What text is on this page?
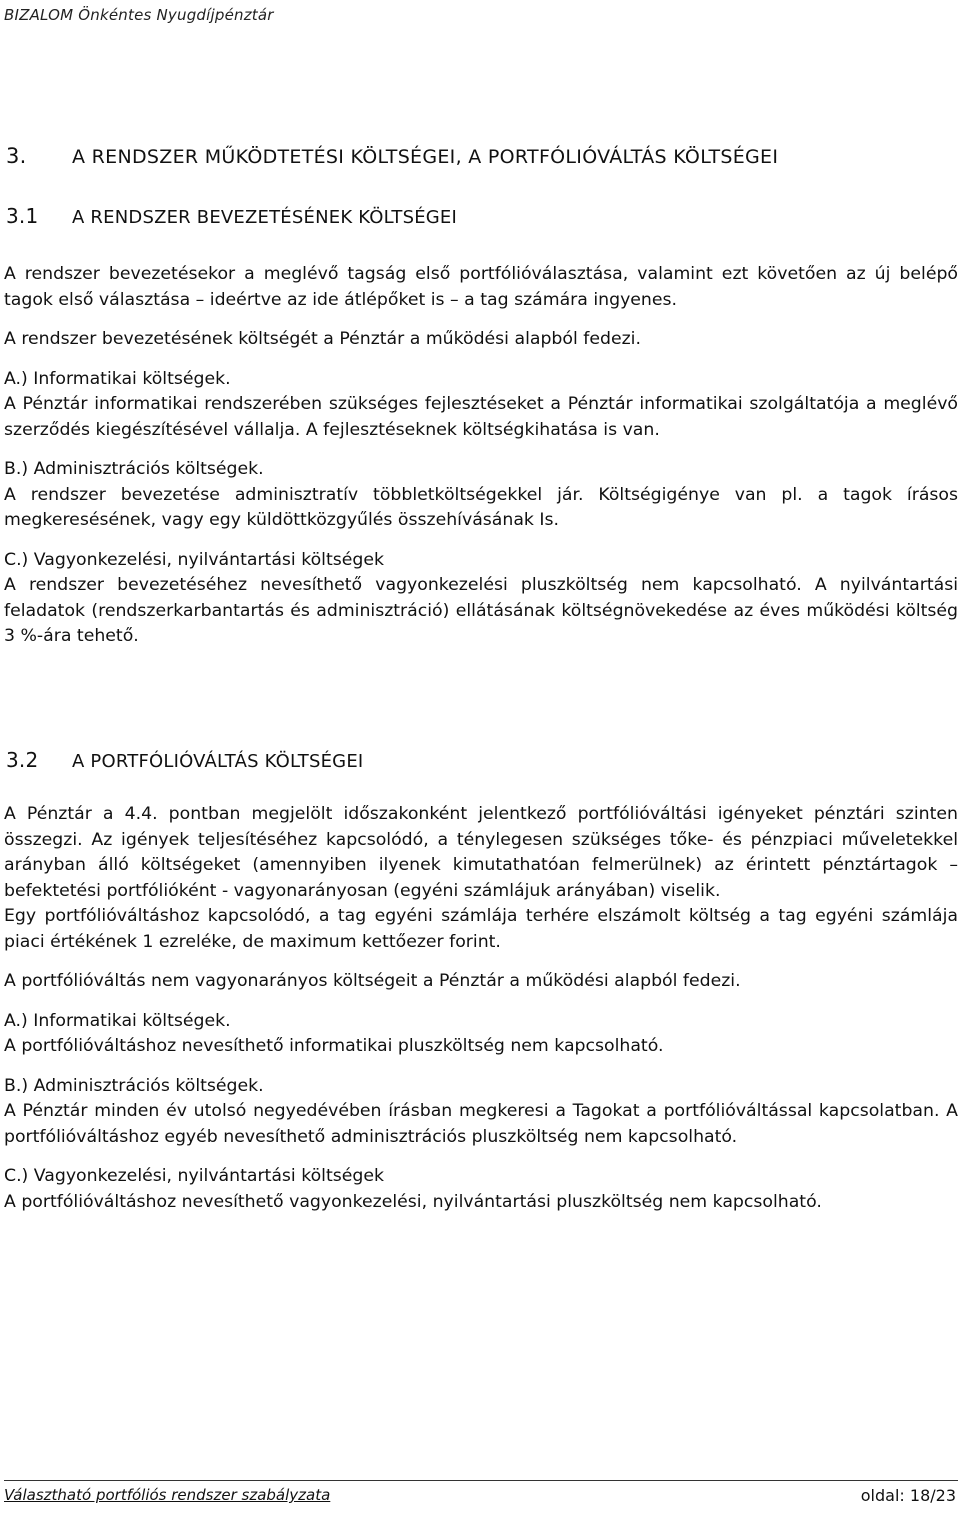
BIZALOM Önkéntes Nyugdíjpénztár
3. A RENDSZER MŰKÖDTETÉSI KÖLTSÉGEI, A PORTFÓLIÓVÁLTÁS KÖLTSÉGEI
3.1 A RENDSZER BEVEZETÉSÉNEK KÖLTSÉGEI

A rendszer bevezetésekor a meglévő tagság első portfólióválasztása, valamint ezt követően az új belépő tagok első választása – ideértve az ide átlépőket is – a tag számára ingyenes.

A rendszer bevezetésének költségét a Pénztár a működési alapból fedezi.

A.) Informatikai költségek.

A Pénztár informatikai rendszerében szükséges fejlesztéseket a Pénztár informatikai szolgáltatója a meglévő szerződés kiegészítésével vállalja. A fejlesztéseknek költségkihatása is van.

B.) Adminisztrációs költségek.

A rendszer bevezetése adminisztratív többletköltségekkel jár. Költségigénye van pl. a tagok írásos megkeresésének, vagy egy küldöttközgyűlés összehívásának Is.

C.) Vagyonkezelési, nyilvántartási költségek

A rendszer bevezetéséhez nevesíthető vagyonkezelési pluszköltség nem kapcsolható. A nyilvántartási feladatok (rendszerkarbantartás és adminisztráció) ellátásának költségnövekedése az éves működési költség 3 %-ára tehető.

3.2 A PORTFÓLIÓVÁLTÁS KÖLTSÉGEI

A Pénztár a 4.4. pontban megjelölt időszakonként jelentkező portfólióváltási igényeket pénztári szinten összegzi. Az igények teljesítéséhez kapcsolódó, a ténylegesen szükséges tőke- és pénzpiaci műveletekkel arányban álló költségeket (amennyiben ilyenek kimutathatóan felmerülnek) az érintett pénztártagok – befektetési portfólióként - vagyonarányosan (egyéni számlájuk arányában) viselik.

Egy portfólióváltáshoz kapcsolódó, a tag egyéni számlája terhére elszámolt költség a tag egyéni számlája piaci értékének 1 ezreléke, de maximum kettőezer forint.

A portfólióváltás nem vagyonarányos költségeit a Pénztár a működési alapból fedezi.

A.) Informatikai költségek.

A portfólióváltáshoz nevesíthető informatikai pluszköltség nem kapcsolható.

B.) Adminisztrációs költségek.

A Pénztár minden év utolsó negyedévében írásban megkeresi a Tagokat a portfólióváltással kapcsolatban. A portfólióváltáshoz egyéb nevesíthető adminisztrációs pluszköltség nem kapcsolható.

C.) Vagyonkezelési, nyilvántartási költségek

A portfólióváltáshoz nevesíthető vagyonkezelési, nyilvántartási pluszköltség nem kapcsolható.

Választható portfóliós rendszer szabályzata	oldal: 18/23
